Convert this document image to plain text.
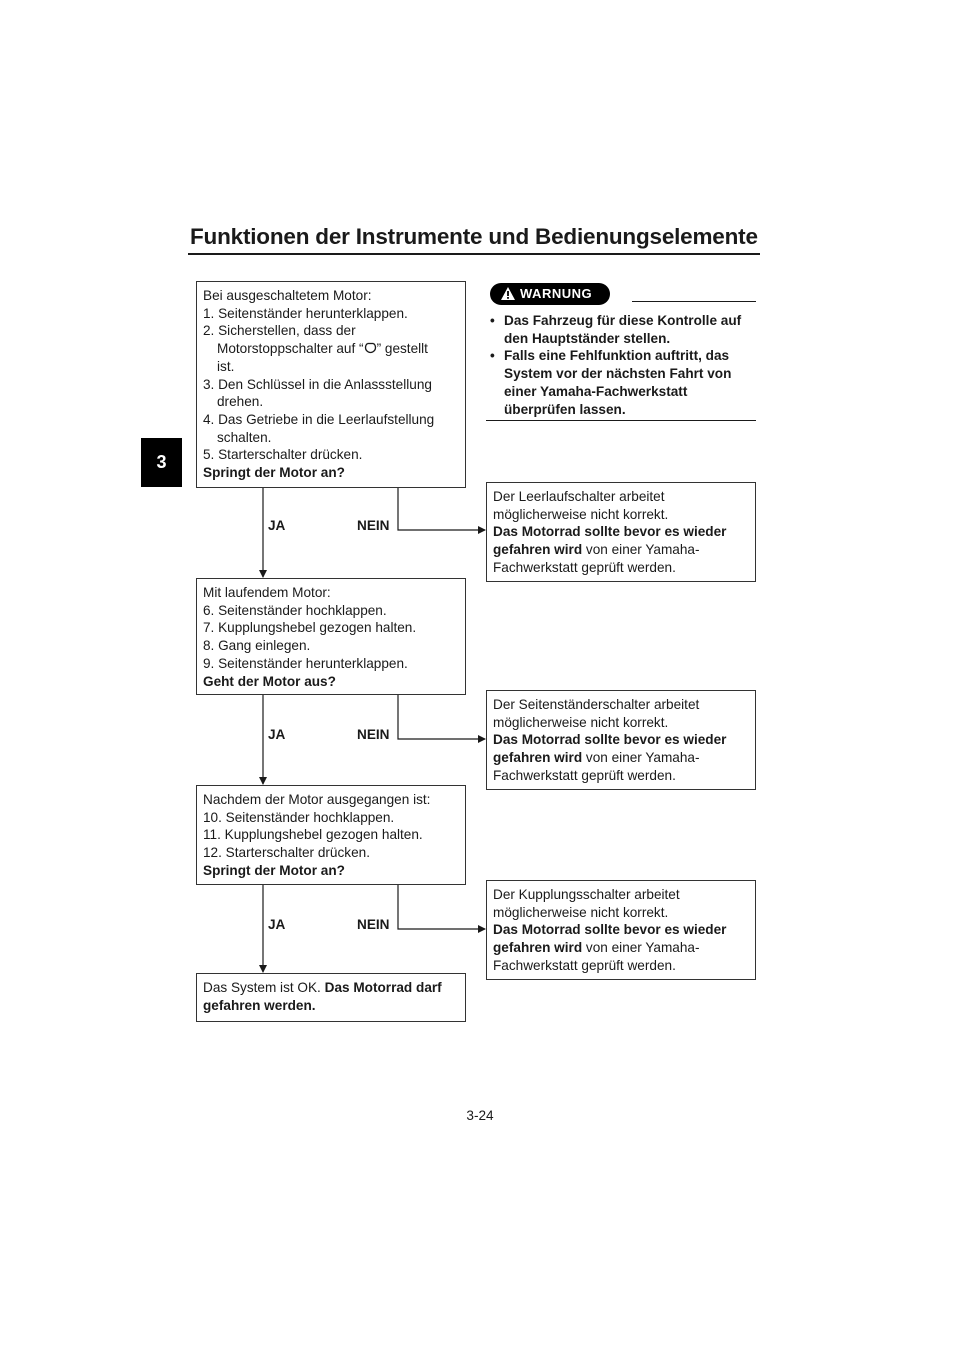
Funktionen der Instrumente und Bedienungselemente
3

Bei ausgeschaltetem Motor:

1. Seitenständer herunterklappen.

2. Sicherstellen, dass der

Motorstoppschalter auf “ ” gestellt

ist.

3. Den Schlüssel in die Anlassstellung

drehen.

4. Das Getriebe in die Leerlaufstellung

schalten.

5. Starterschalter drücken.

Springt der Motor an?

Mit laufendem Motor:

6. Seitenständer hochklappen.

7. Kupplungshebel gezogen halten.

8. Gang einlegen.

9. Seitenständer herunterklappen.

Geht der Motor aus?

Nachdem der Motor ausgegangen ist:

10. Seitenständer hochklappen.

11. Kupplungshebel gezogen halten.

12. Starterschalter drücken.

Springt der Motor an?

Das System ist OK. Das Motorrad darf gefahren werden.

JA	NEIN
JA	NEIN
JA	NEIN

Der Leerlaufschalter arbeitet

möglicherweise nicht korrekt.

Das Motorrad sollte bevor es wieder gefahren wird von einer Yamaha-Fachwerkstatt geprüft werden.

Der Seitenständerschalter arbeitet

möglicherweise nicht korrekt.

Das Motorrad sollte bevor es wieder gefahren wird von einer Yamaha-Fachwerkstatt geprüft werden.

Der Kupplungsschalter arbeitet

möglicherweise nicht korrekt.

Das Motorrad sollte bevor es wieder gefahren wird von einer Yamaha-Fachwerkstatt geprüft werden.

WARNUNG
• Das Fahrzeug für diese Kontrolle auf den Hauptständer stellen.
• Falls eine Fehlfunktion auftritt, das System vor der nächsten Fahrt von einer Yamaha-Fachwerkstatt überprüfen lassen.
3-24
